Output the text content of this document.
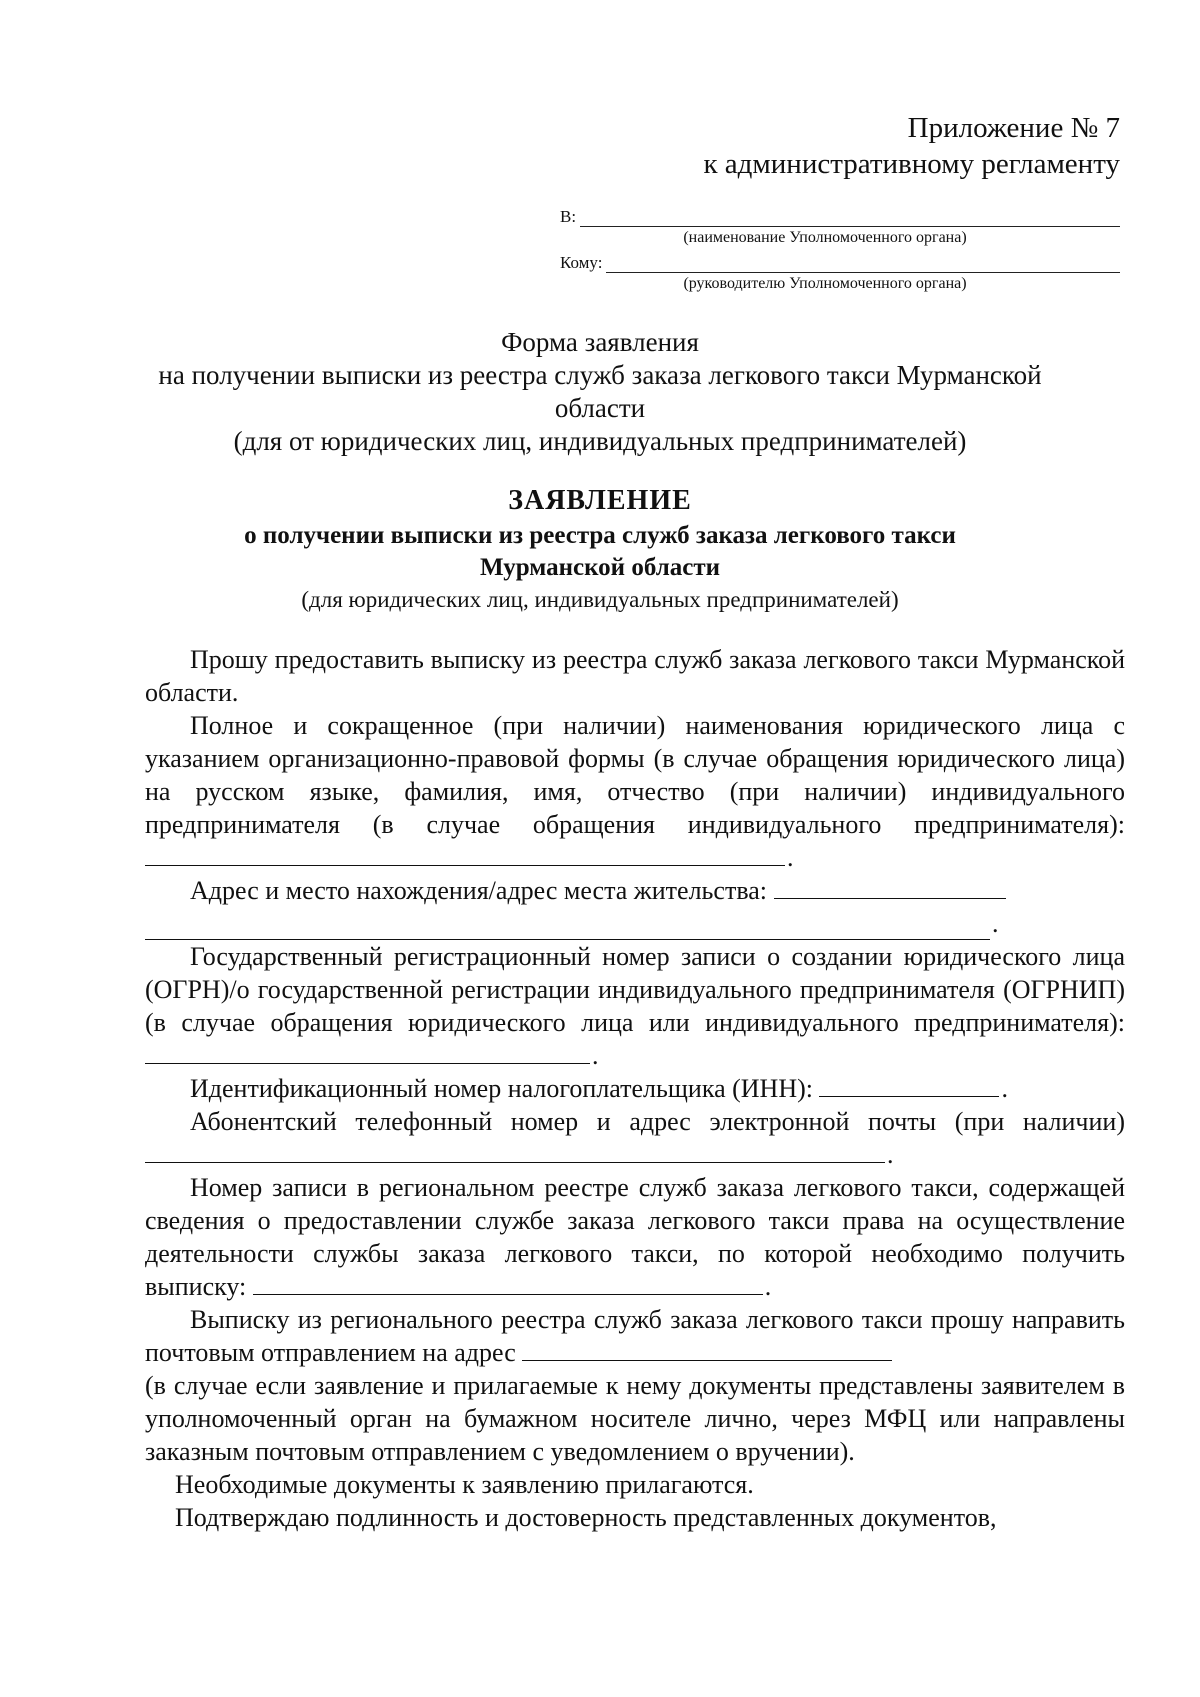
Приложение № 7
к административному регламенту
В:
(наименование Уполномоченного органа)
Кому:
(руководителю Уполномоченного органа)
Форма заявления
на получении выписки из реестра служб заказа легкового такси Мурманской
области
(для от юридических лиц, индивидуальных предпринимателей)
ЗАЯВЛЕНИЕ
о получении выписки из реестра служб заказа легкового такси
Мурманской области
(для юридических лиц, индивидуальных предпринимателей)

Прошу предоставить выписку из реестра служб заказа легкового такси Мурманской области.

Полное и сокращенное (при наличии) наименования юридического лица с указанием организационно-правовой формы (в случае обращения юридического лица) на русском языке, фамилия, имя, отчество (при наличии) индивидуального предпринимателя (в случае обращения индивидуального предпринимателя): .

Адрес и место нахождения/адрес места жительства:

.

Государственный регистрационный номер записи о создании юридического лица (ОГРН)/о государственной регистрации индивидуального предпринимателя (ОГРНИП) (в случае обращения юридического лица или индивидуального предпринимателя): .

Идентификационный номер налогоплательщика (ИНН):	.

Абонентский телефонный номер и адрес электронной почты (при наличии).

Номер записи в региональном реестре служб заказа легкового такси, содержащей сведения о предоставлении службе заказа легкового такси права на осуществление деятельности службы заказа легкового такси, по которой необходимо получить выписку:	.

Выписку из регионального реестра служб заказа легкового такси прошу направить почтовым отправлением на адрес

(в случае если заявление и прилагаемые к нему документы представлены заявителем в уполномоченный орган на бумажном носителе лично, через МФЦ или направлены заказным почтовым отправлением с уведомлением о вручении).

Необходимые документы к заявлению прилагаются.

Подтверждаю подлинность и достоверность представленных документов,
